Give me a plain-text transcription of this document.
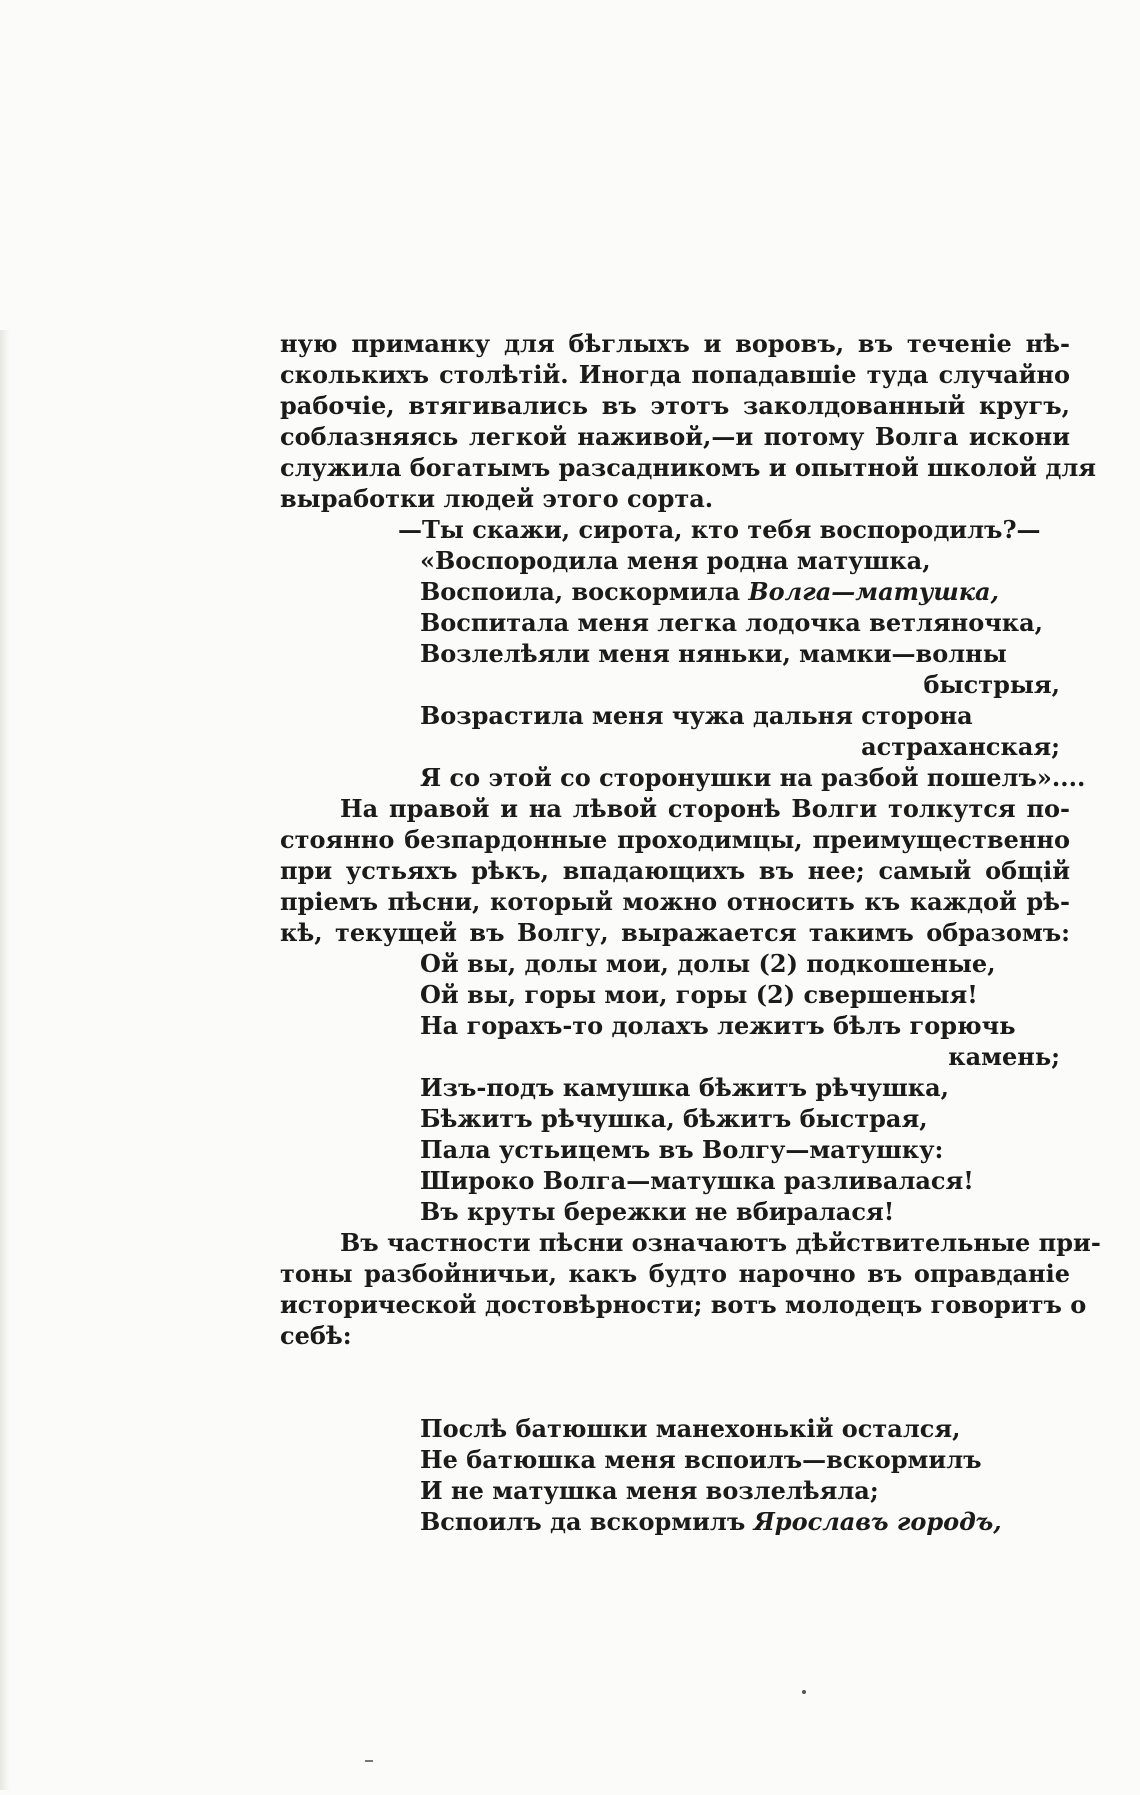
ную приманку для бѣглыхъ и воровъ, въ теченіе нѣ-
сколькихъ столѣтій. Иногда попадавшіе туда случайно
рабочіе, втягивались въ этотъ заколдованный кругъ,
соблазняясь легкой наживой,—и потому Волга искони
служила богатымъ разсадникомъ и опытной школой для
выработки людей этого сорта.
—Ты скажи, сирота, кто тебя воспородилъ?—
«Воспородила меня родна матушка,
Воспоила, воскормила Волга—матушка,
Воспитала меня легка лодочка ветляночка,
Возлелѣяли меня няньки, мамки—волны
быстрыя,
Возрастила меня чужа дальня сторона
астраханская;
Я со этой со сторонушки на разбой пошелъ»....
На правой и на лѣвой сторонѣ Волги толкутся по-
стоянно безпардонные проходимцы, преимущественно
при устьяхъ рѣкъ, впадающихъ въ нее; самый общій
пріемъ пѣсни, который можно относить къ каждой рѣ-
кѣ, текущей въ Волгу, выражается такимъ образомъ:
Ой вы, долы мои, долы (2) подкошеные,
Ой вы, горы мои, горы (2) свершеныя!
На горахъ-то долахъ лежитъ бѣлъ горючь
камень;
Изъ-подъ камушка бѣжитъ рѣчушка,
Бѣжитъ рѣчушка, бѣжитъ быстрая,
Пала устьицемъ въ Волгу—матушку:
Широко Волга—матушка разливалася!
Въ круты бережки не вбиралася!
Въ частности пѣсни означаютъ дѣйствительные при-
тоны разбойничьи, какъ будто нарочно въ оправданіе
исторической достовѣрности; вотъ молодецъ говоритъ о
себѣ:
Послѣ батюшки манехонькій остался,
Не батюшка меня вспоилъ—вскормилъ
И не матушка меня возлелѣяла;
Вспоилъ да вскормилъ Ярославъ городъ,
